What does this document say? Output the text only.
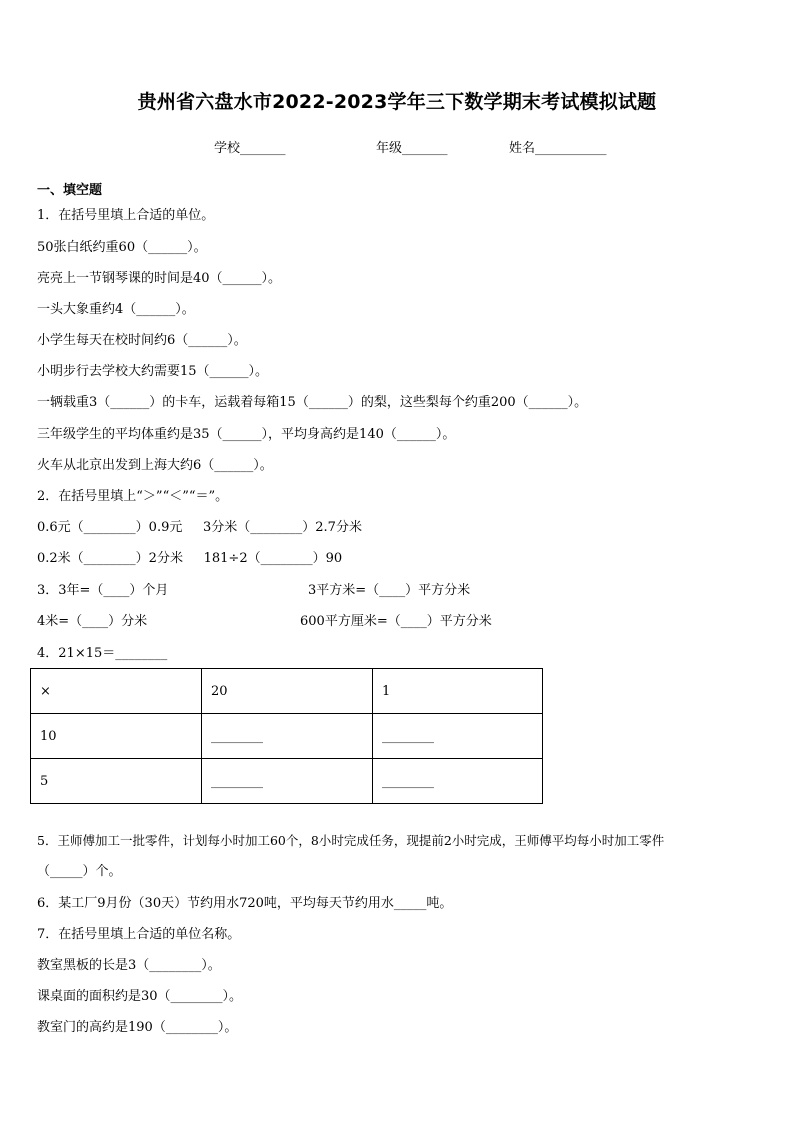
贵州省六盘水市2022-2023学年三下数学期末考试模拟试题
学校_______	年级_______	姓名___________
一、填空题
1．在括号里填上合适的单位。
50张白纸约重60（______）。
亮亮上一节钢琴课的时间是40（______）。
一头大象重约4（______）。
小学生每天在校时间约6（______）。
小明步行去学校大约需要15（______）。
一辆载重3（______）的卡车，运载着每箱15（______）的梨，这些梨每个约重200（______）。
三年级学生的平均体重约是35（______），平均身高约是140（______）。
火车从北京出发到上海大约6（______）。
2．在括号里填上“＞”“＜”“＝”。
0.6元（________）0.9元     3分米（________）2.7分米
0.2米（________）2分米     181÷2（________）90
3．3年=（____）个月	3平方米=（____）平方分米
4米=（____）分米	600平方厘米=（____）平方分米
4．21×15＝________
×	20	1
10	________	________
5	________	________
5．王师傅加工一批零件，计划每小时加工60个，8小时完成任务，现提前2小时完成，王师傅平均每小时加工零件
（_____）个。
6．某工厂9月份（30天）节约用水720吨，平均每天节约用水_____吨。
7．在括号里填上合适的单位名称。
教室黑板的长是3（________）。
课桌面的面积约是30（________）。
教室门的高约是190（________）。
